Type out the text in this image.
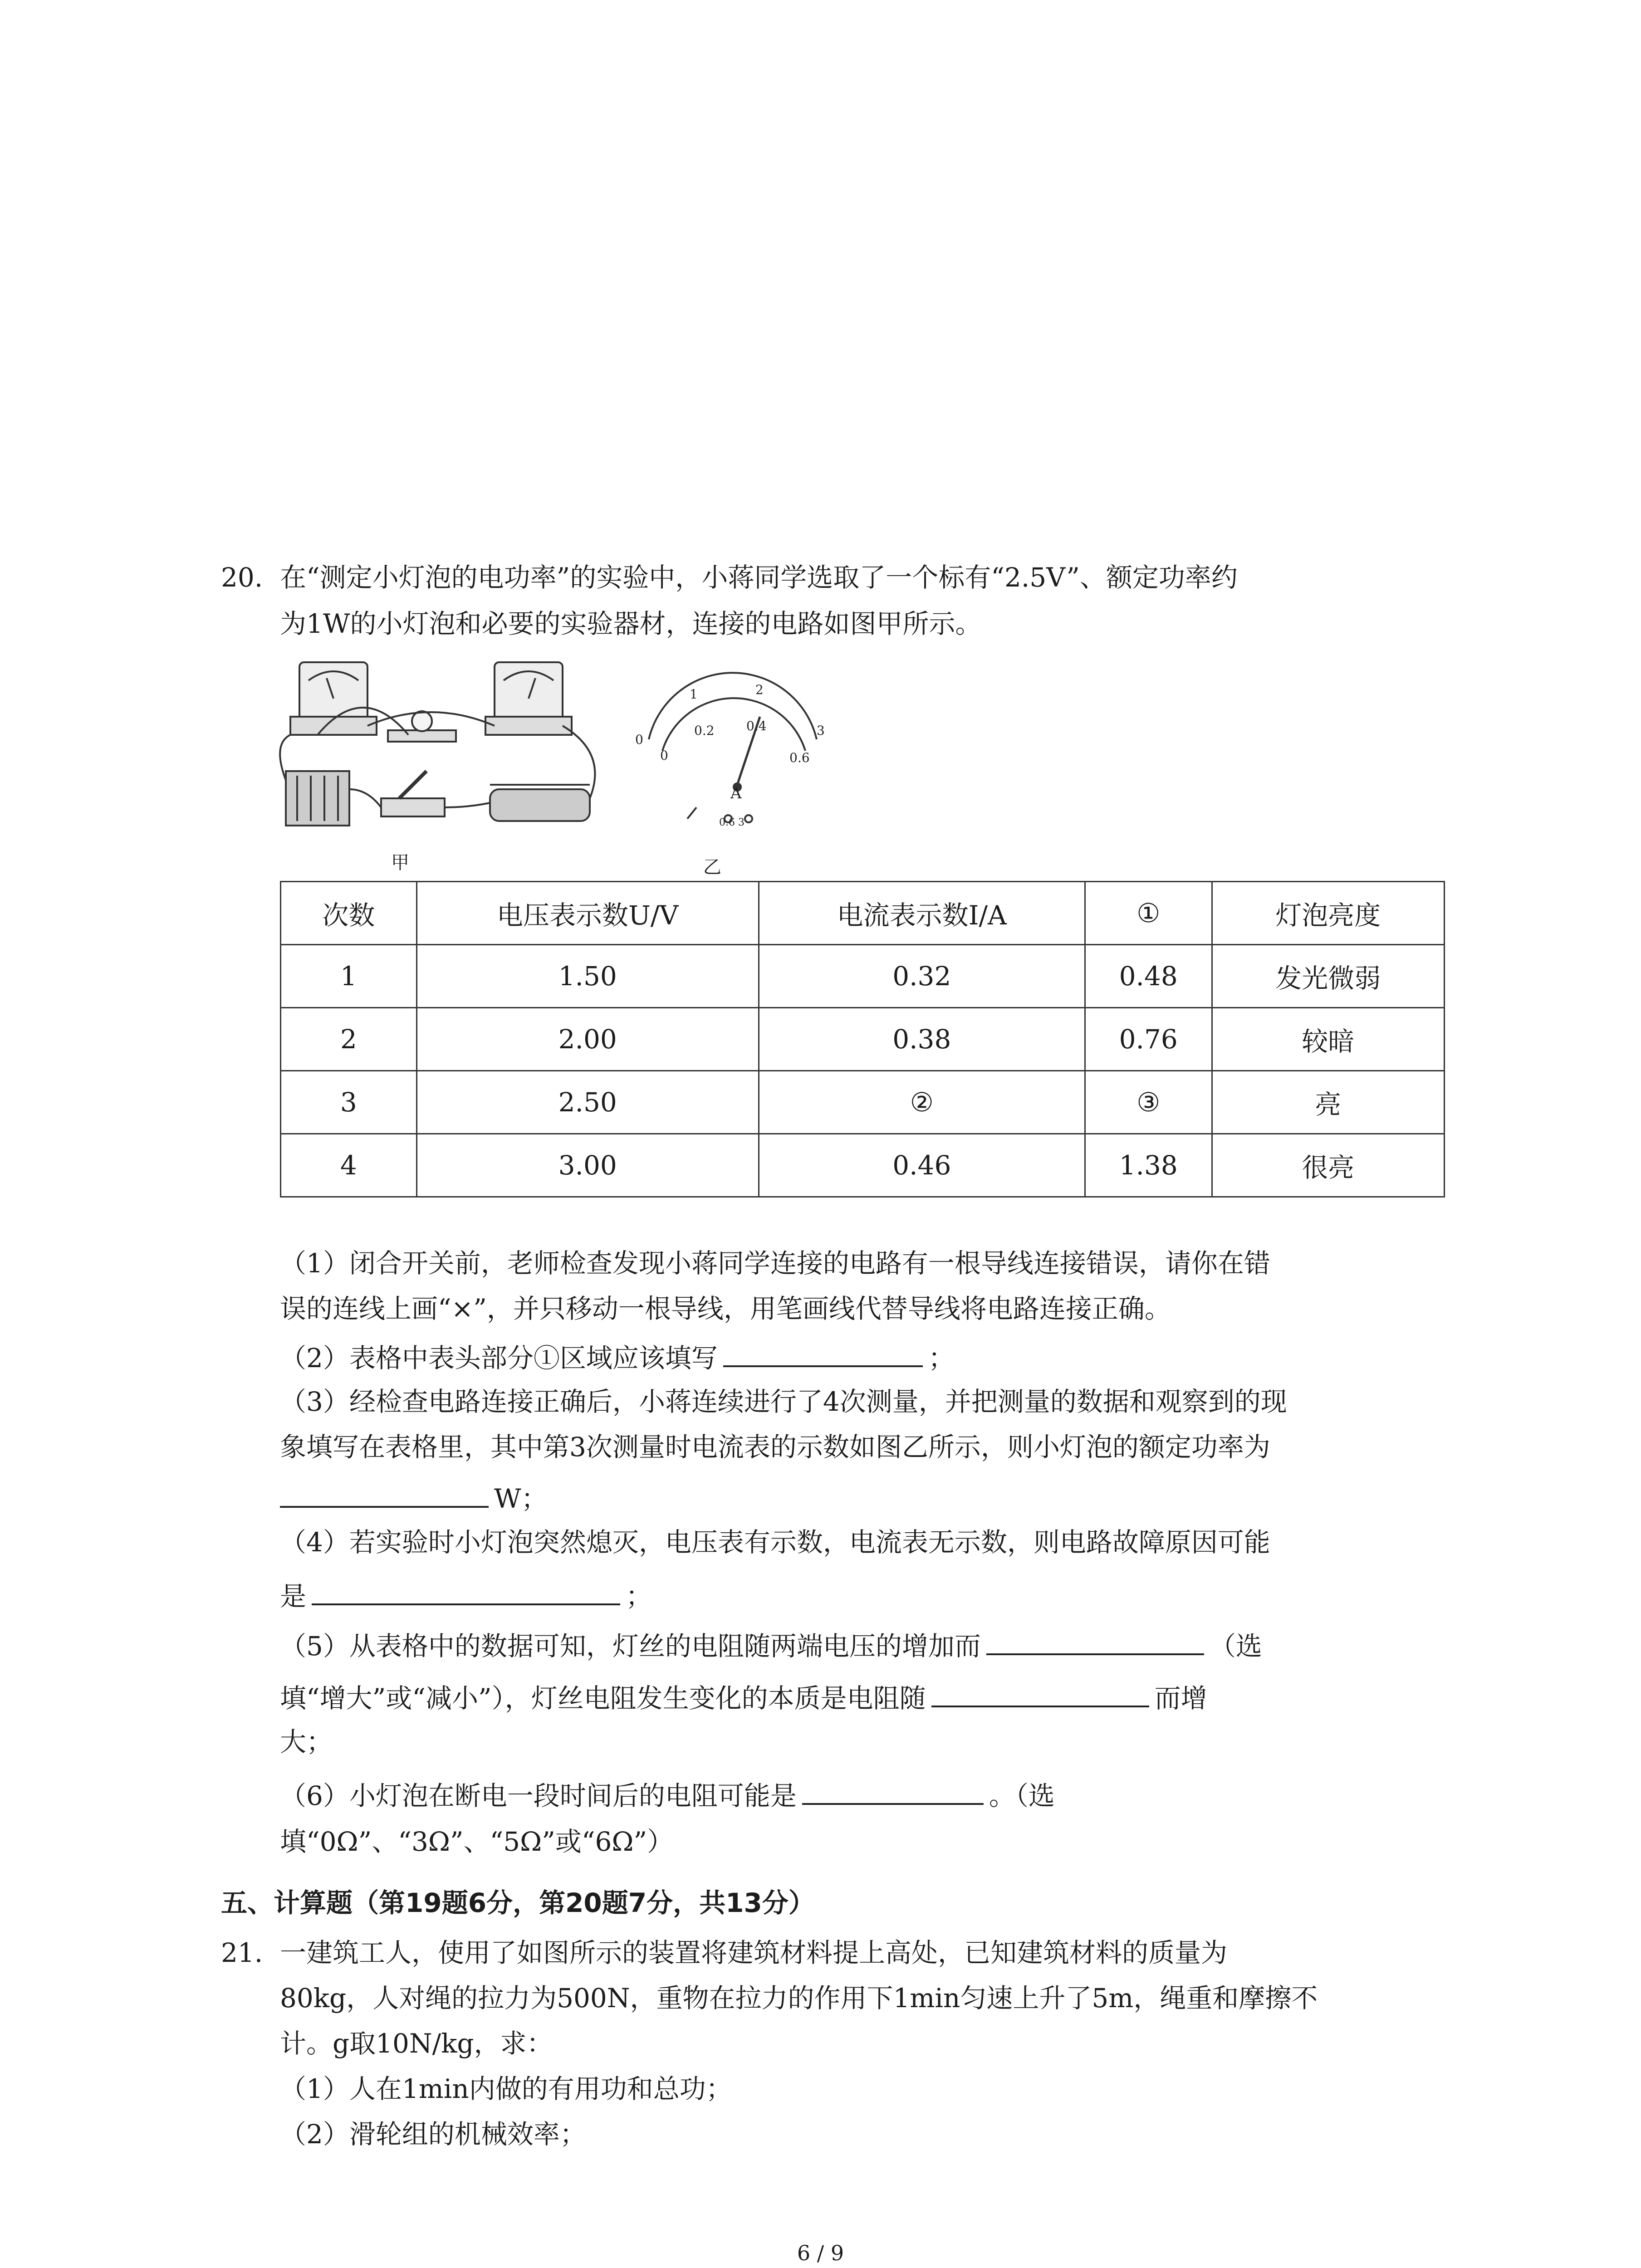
20. 在“测定小灯泡的电功率”的实验中，小蒋同学选取了一个标有“2.5V”、额定功率约
为1W的小灯泡和必要的实验器材，连接的电路如图甲所示。
甲
0
1	2
3
0
0.2	0.4
0.6
A
0.6 3
乙
次数	电压表示数U/V	电流表示数I/A	①	灯泡亮度
1	1.50	0.32	0.48	发光微弱
2	2.00	0.38	0.76	较暗
3	2.50	②	③	亮
4	3.00	0.46	1.38	很亮
（1）闭合开关前，老师检查发现小蒋同学连接的电路有一根导线连接错误，请你在错
误的连线上画“×”，并只移动一根导线，用笔画线代替导线将电路连接正确。
（2）表格中表头部分①区域应该填写	；
（3）经检查电路连接正确后，小蒋连续进行了4次测量，并把测量的数据和观察到的现
象填写在表格里，其中第3次测量时电流表的示数如图乙所示，则小灯泡的额定功率为
W；
（4）若实验时小灯泡突然熄灭，电压表有示数，电流表无示数，则电路故障原因可能
是	；
（5）从表格中的数据可知，灯丝的电阻随两端电压的增加而	（选
填“增大”或“减小”），灯丝电阻发生变化的本质是电阻随	而增
大；
（6）小灯泡在断电一段时间后的电阻可能是	。（选
填“0Ω”、“3Ω”、“5Ω”或“6Ω”）
五、计算题（第19题6分，第20题7分，共13分）
21. 一建筑工人，使用了如图所示的装置将建筑材料提上高处，已知建筑材料的质量为
80kg，人对绳的拉力为500N，重物在拉力的作用下1min匀速上升了5m，绳重和摩擦不
计。g取10N/kg，求：
（1）人在1min内做的有用功和总功；
（2）滑轮组的机械效率；
6 / 9
